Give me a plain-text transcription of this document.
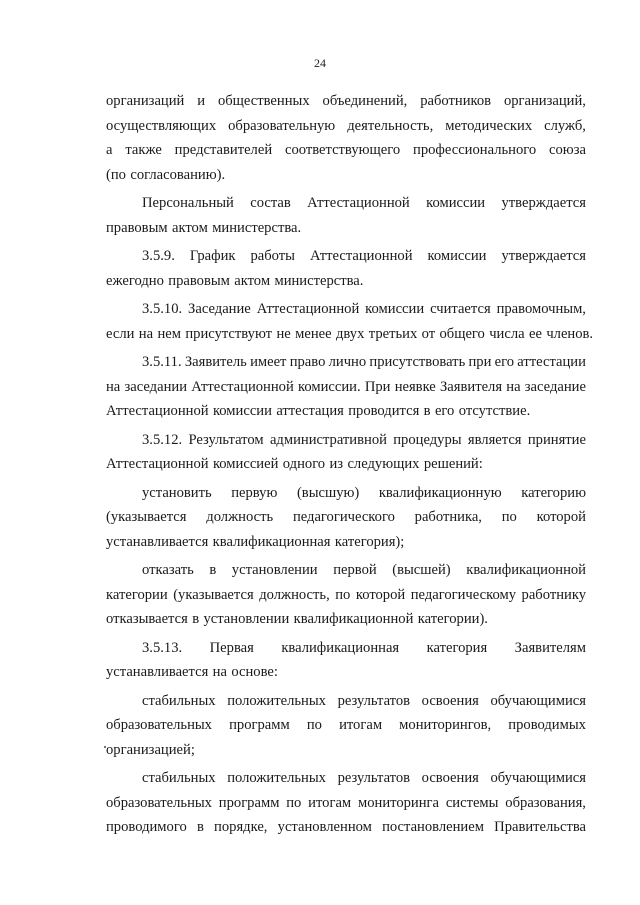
24
организаций и общественных объединений, работников организаций,
осуществляющих образовательную деятельность, методических служб,
а также представителей соответствующего профессионального союза
(по согласованию).
Персональный состав Аттестационной комиссии утверждается
правовым актом министерства.
3.5.9. График работы Аттестационной комиссии утверждается
ежегодно правовым актом министерства.
3.5.10. Заседание Аттестационной комиссии считается правомочным,
если на нем присутствуют не менее двух третьих от общего числа ее членов.
3.5.11. Заявитель имеет право лично присутствовать при его аттестации
на заседании Аттестационной комиссии. При неявке Заявителя на заседание
Аттестационной комиссии аттестация проводится в его отсутствие.
3.5.12. Результатом административной процедуры является принятие
Аттестационной комиссией одного из следующих решений:
установить первую (высшую) квалификационную категорию
(указывается должность педагогического работника, по которой
устанавливается квалификационная категория);
отказать в установлении первой (высшей) квалификационной
категории (указывается должность, по которой педагогическому работнику
отказывается в установлении квалификационной категории).
3.5.13. Первая квалификационная категория Заявителям
устанавливается на основе:
стабильных положительных результатов освоения обучающимися
образовательных программ по итогам мониторингов, проводимых
организацией;
стабильных положительных результатов освоения обучающимися
образовательных программ по итогам мониторинга системы образования,
проводимого в порядке, установленном постановлением Правительства
